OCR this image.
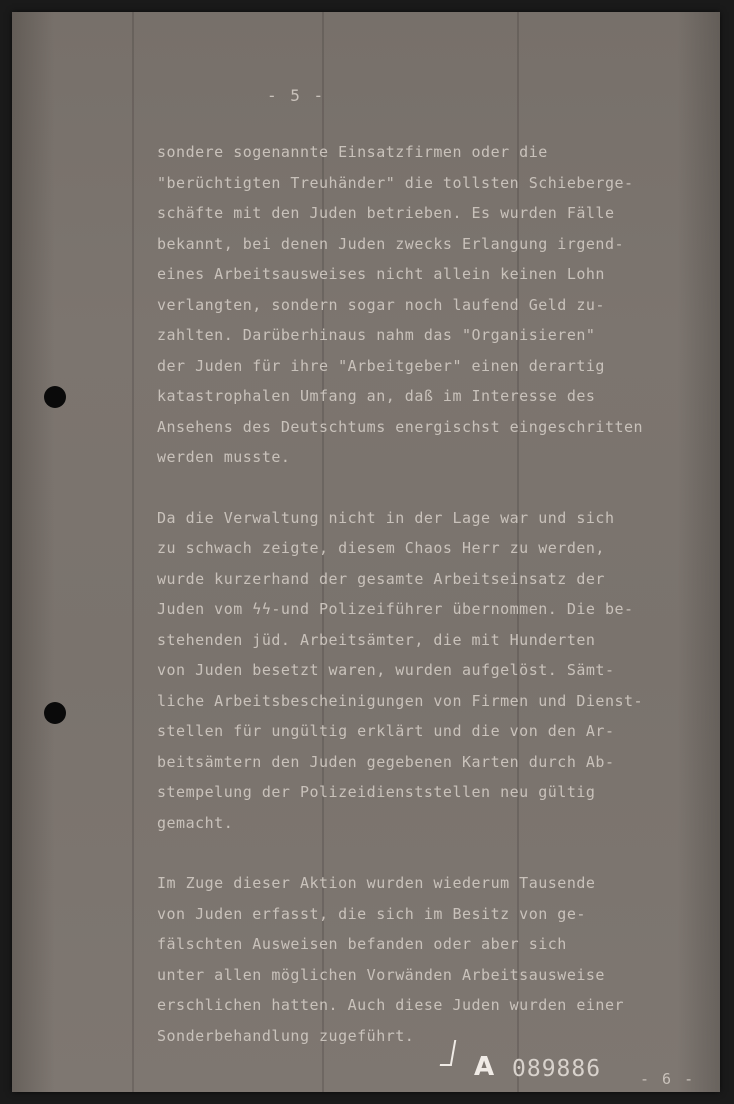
- 5 -
sondere sogenannte Einsatzfirmen oder die
"berüchtigten Treuhänder" die tollsten Schieberge-
schäfte mit den Juden betrieben. Es wurden Fälle
bekannt, bei denen Juden zwecks Erlangung irgend-
eines Arbeitsausweises nicht allein keinen Lohn
verlangten, sondern sogar noch laufend Geld zu-
zahlten. Darüberhinaus nahm das "Organisieren"
der Juden für ihre "Arbeitgeber" einen derartig
katastrophalen Umfang an, daß im Interesse des
Ansehens des Deutschtums energischst eingeschritten
werden musste.
Da die Verwaltung nicht in der Lage war und sich
zu schwach zeigte, diesem Chaos Herr zu werden,
wurde kurzerhand der gesamte Arbeitseinsatz der
Juden vom ϟϟ-und Polizeiführer übernommen. Die be-
stehenden jüd. Arbeitsämter, die mit Hunderten
von Juden besetzt waren, wurden aufgelöst. Sämt-
liche Arbeitsbescheinigungen von Firmen und Dienst-
stellen für ungültig erklärt und die von den Ar-
beitsämtern den Juden gegebenen Karten durch Ab-
stempelung der Polizeidienststellen neu gültig
gemacht.
Im Zuge dieser Aktion wurden wiederum Tausende
von Juden erfasst, die sich im Besitz von ge-
fälschten Ausweisen befanden oder aber sich
unter allen möglichen Vorwänden Arbeitsausweise
erschlichen hatten. Auch diese Juden wurden einer
Sonderbehandlung zugeführt.
A 089886	- 6 -
